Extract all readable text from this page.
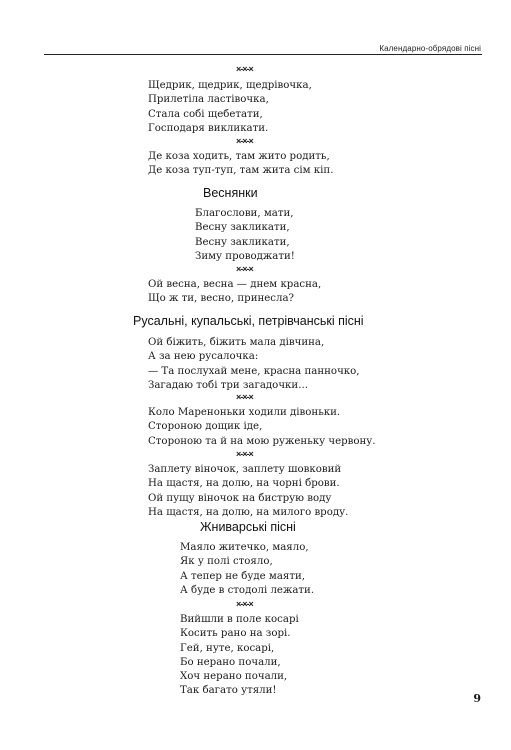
Календарно-обрядові пісні
×-×-×
Щедрик, щедрик, щедрівочка,
Прилетіла ластівочка,
Стала собі щебетати,
Господаря викликати.
×-×-×
Де коза ходить, там жито родить,
Де коза туп-туп, там жита сім кіп.
Веснянки
Благослови, мати,
Весну закликати,
Весну закликати,
Зиму проводжати!
×-×-×
Ой весна, весна — днем красна,
Що ж ти, весно, принесла?
Русальні, купальські, петрівчанські пісні
Ой біжить, біжить мала дівчина,
А за нею русалочка:
— Та послухай мене, красна панночко,
Загадаю тобі три загадочки...
×-×-×
Коло Мареноньки ходили дівоньки.
Стороною дощик іде,
Стороною та й на мою руженьку червону.
×-×-×
Заплету віночок, заплету шовковий
На щастя, на долю, на чорні брови.
Ой пущу віночок на биструю воду
На щастя, на долю, на милого вроду.
Жниварські пісні
Маяло житечко, маяло,
Як у полі стояло,
А тепер не буде маяти,
А буде в стодолі лежати.
×-×-×
Вийшли в поле косарі
Косить рано на зорі.
Гей, нуте, косарі,
Бо нерано почали,
Хоч нерано почали,
Так багато утяли!
9
